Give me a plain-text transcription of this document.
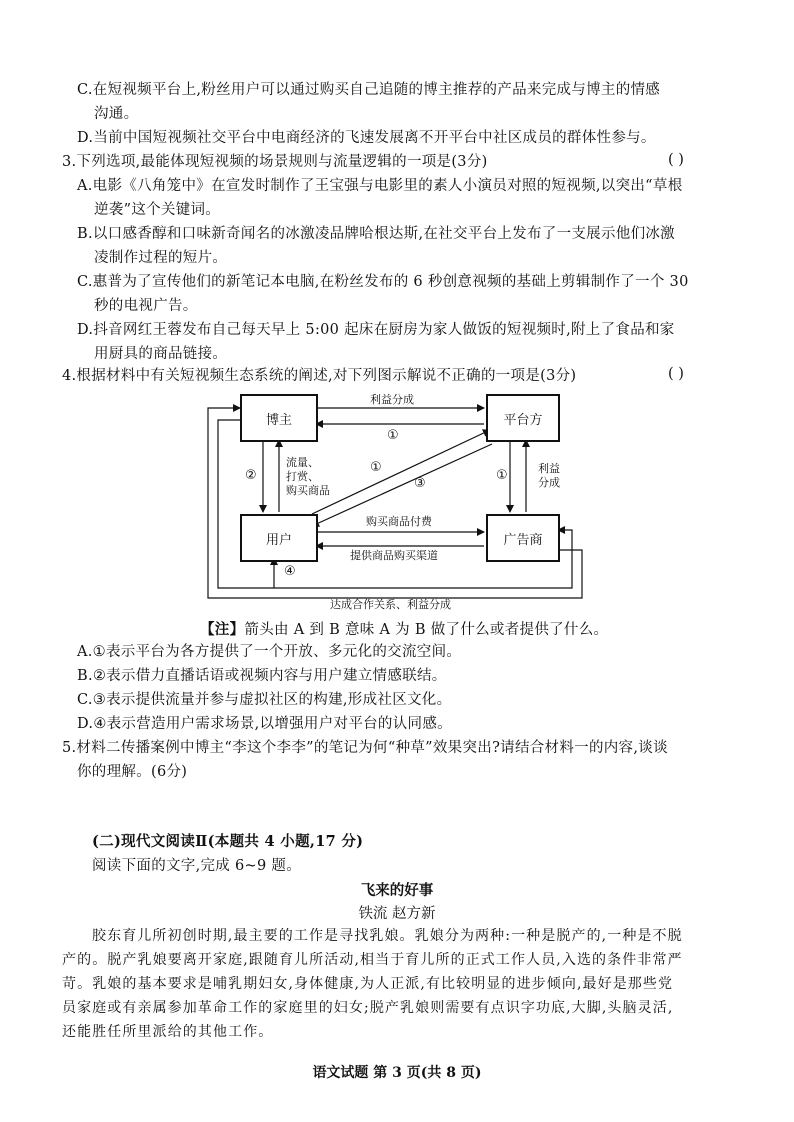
C.在短视频平台上,粉丝用户可以通过购买自己追随的博主推荐的产品来完成与博主的情感
沟通。
D.当前中国短视频社交平台中电商经济的飞速发展离不开平台中社区成员的群体性参与。
3.下列选项,最能体现短视频的场景规则与流量逻辑的一项是(3分)	( )
A.电影《八角笼中》在宣发时制作了王宝强与电影里的素人小演员对照的短视频,以突出“草根
逆袭”这个关键词。
B.以口感香醇和口味新奇闻名的冰激凌品牌哈根达斯,在社交平台上发布了一支展示他们冰激
凌制作过程的短片。
C.惠普为了宣传他们的新笔记本电脑,在粉丝发布的 6 秒创意视频的基础上剪辑制作了一个 30
秒的电视广告。
D.抖音网红王蓉发布自己每天早上 5:00 起床在厨房为家人做饭的短视频时,附上了食品和家
用厨具的商品链接。
4.根据材料中有关短视频生态系统的阐述,对下列图示解说不正确的一项是(3分)	( )
博主	平台方
用户	广告商
利益分成
①
②
流量、
打赏、
购买商品
①
③
①	利益
分成
购买商品付费
提供商品购买渠道
④
达成合作关系、利益分成
【注】箭头由 A 到 B 意味 A 为 B 做了什么或者提供了什么。
A.①表示平台为各方提供了一个开放、多元化的交流空间。
B.②表示借力直播话语或视频内容与用户建立情感联结。
C.③表示提供流量并参与虚拟社区的构建,形成社区文化。
D.④表示营造用户需求场景,以增强用户对平台的认同感。
5.材料二传播案例中博主“李这个李李”的笔记为何“种草”效果突出?请结合材料一的内容,谈谈
你的理解。(6分)
(二)现代文阅读Ⅱ(本题共 4 小题,17 分)
阅读下面的文字,完成 6~9 题。
飞来的好事
铁流 赵方新
胶东育儿所初创时期,最主要的工作是寻找乳娘。乳娘分为两种:一种是脱产的,一种是不脱
产的。脱产乳娘要离开家庭,跟随育儿所活动,相当于育儿所的正式工作人员,入选的条件非常严
苛。乳娘的基本要求是哺乳期妇女,身体健康,为人正派,有比较明显的进步倾向,最好是那些党
员家庭或有亲属参加革命工作的家庭里的妇女;脱产乳娘则需要有点识字功底,大脚,头脑灵活,
还能胜任所里派给的其他工作。
语文试题 第 3 页(共 8 页)
